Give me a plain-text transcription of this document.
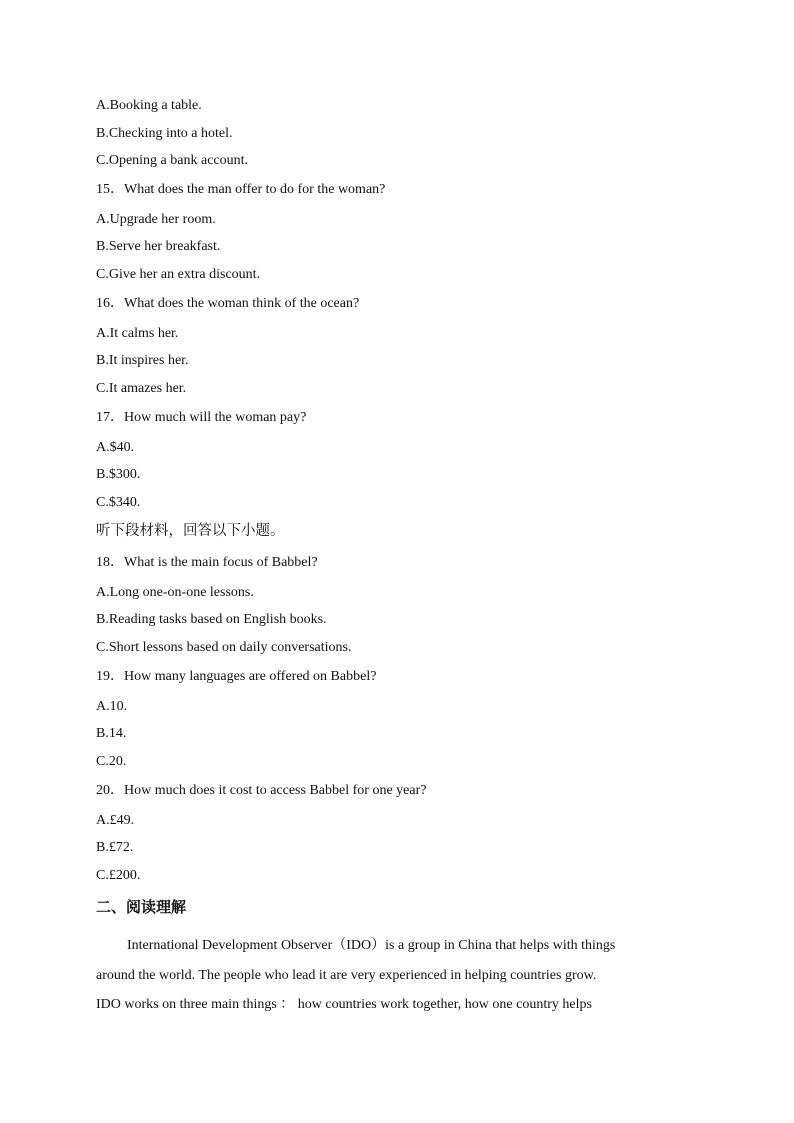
A.Booking a table.
B.Checking into a hotel.
C.Opening a bank account.
15．What does the man offer to do for the woman?
A.Upgrade her room.
B.Serve her breakfast.
C.Give her an extra discount.
16．What does the woman think of the ocean?
A.It calms her.
B.It inspires her.
C.It amazes her.
17．How much will the woman pay?
A.$40.
B.$300.
C.$340.
听下段材料，回答以下小题。
18．What is the main focus of Babbel?
A.Long one-on-one lessons.
B.Reading tasks based on English books.
C.Short lessons based on daily conversations.
19．How many languages are offered on Babbel?
A.10.
B.14.
C.20.
20．How much does it cost to access Babbel for one year?
A.£49.
B.£72.
C.£200.
二、阅读理解
International Development Observer（IDO）is a group in China that helps with things
around the world. The people who lead it are very experienced in helping countries grow.
IDO works on three main things ： how countries work together, how one country helps
